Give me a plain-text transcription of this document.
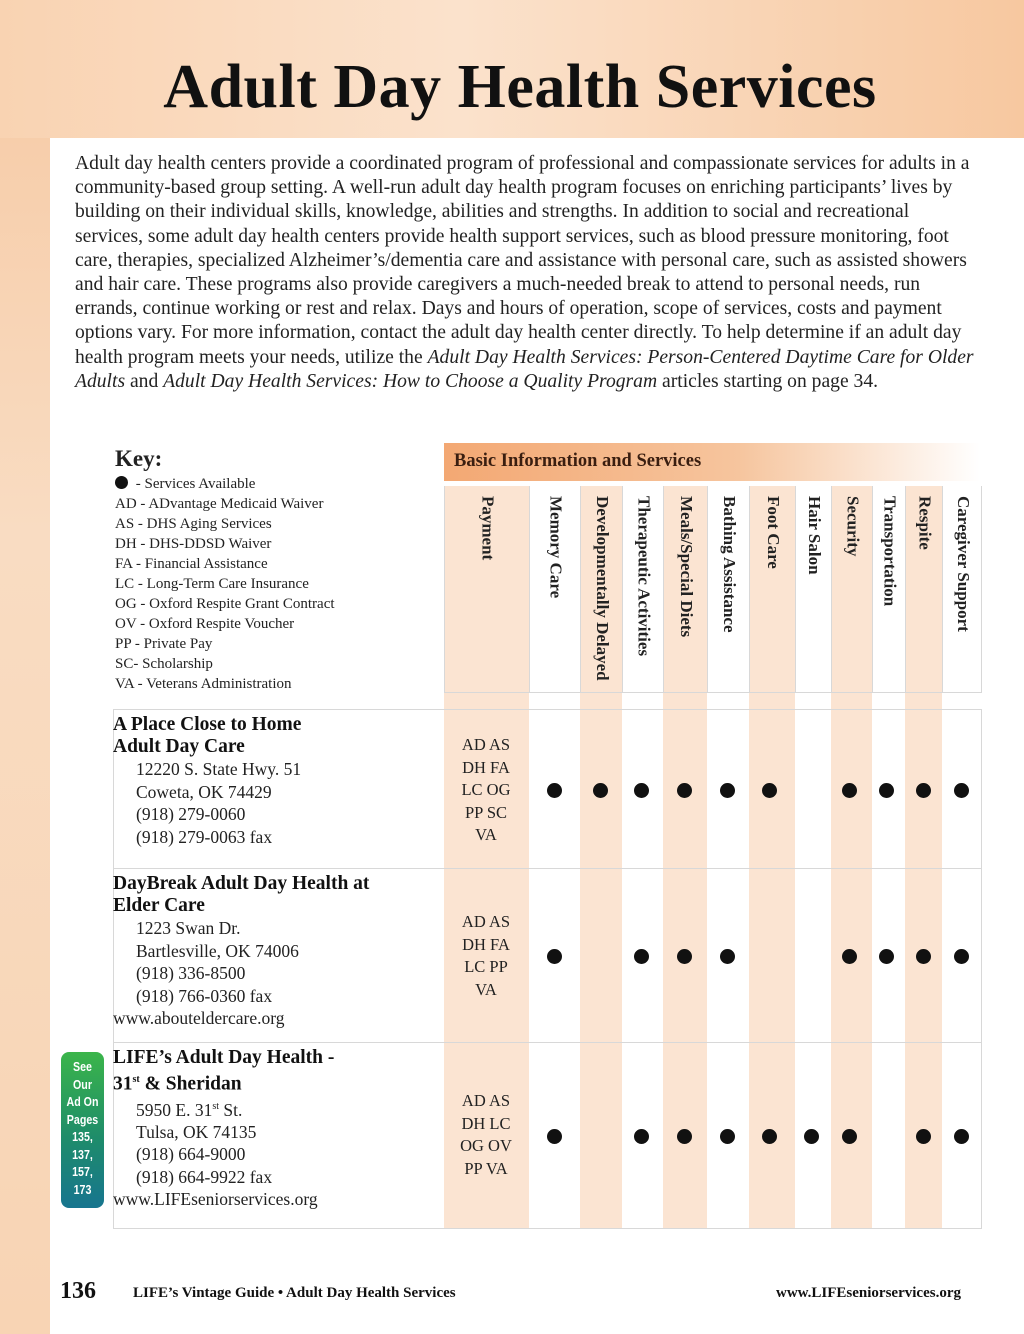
Adult Day Health Services
Adult day health centers provide a coordinated program of professional and compassionate services for adults in a community-based group setting. A well-run adult day health program focuses on enriching participants’ lives by building on their individual skills, knowledge, abilities and strengths. In addition to social and recreational services, some adult day health centers provide health support services, such as blood pressure monitoring, foot care, therapies, specialized Alzheimer’s/dementia care and assistance with personal care, such as assisted showers and hair care. These programs also provide caregivers a much-needed break to attend to personal needs, run errands, continue working or rest and relax. Days and hours of operation, scope of services, costs and payment options vary. For more information, contact the adult day health center directly. To help determine if an adult day health program meets your needs, utilize the Adult Day Health Services: Person-Centered Daytime Care for Older Adults and Adult Day Health Services: How to Choose a Quality Program articles starting on page 34.
Key:
- Services Available
AD - ADvantage Medicaid Waiver
AS - DHS Aging Services
DH - DHS-DDSD Waiver
FA - Financial Assistance
LC - Long-Term Care Insurance
OG - Oxford Respite Grant Contract
OV - Oxford Respite Voucher
PP - Private Pay
SC- Scholarship
VA - Veterans Administration
Basic Information and Services
Payment	Memory Care Developmentally Delayed Therapeutic Activities Meals/Special Diets Bathing Assistance Foot Care Hair Salon Security Transportation Respite Caregiver Support
A Place Close to Home
Adult Day Care
12220 S. State Hwy. 51
Coweta, OK 74429
(918) 279-0060
(918) 279-0063 fax
AD AS
DH FA
LC OG
PP SC
VA
DayBreak Adult Day Health at
Elder Care
1223 Swan Dr.
Bartlesville, OK 74006
(918) 336-8500
(918) 766-0360 fax
www.abouteldercare.org
AD AS
DH FA
LC PP
VA
LIFE’s Adult Day Health -
31st & Sheridan
5950 E. 31st St.
Tulsa, OK 74135
(918) 664-9000
(918) 664-9922 fax
www.LIFEseniorservices.org
AD AS
DH LC
OG OV
PP VA
See
Our
Ad On
Pages
135,
137,
157,
173
136 LIFE’s Vintage Guide • Adult Day Health Services	www.LIFEseniorservices.org
